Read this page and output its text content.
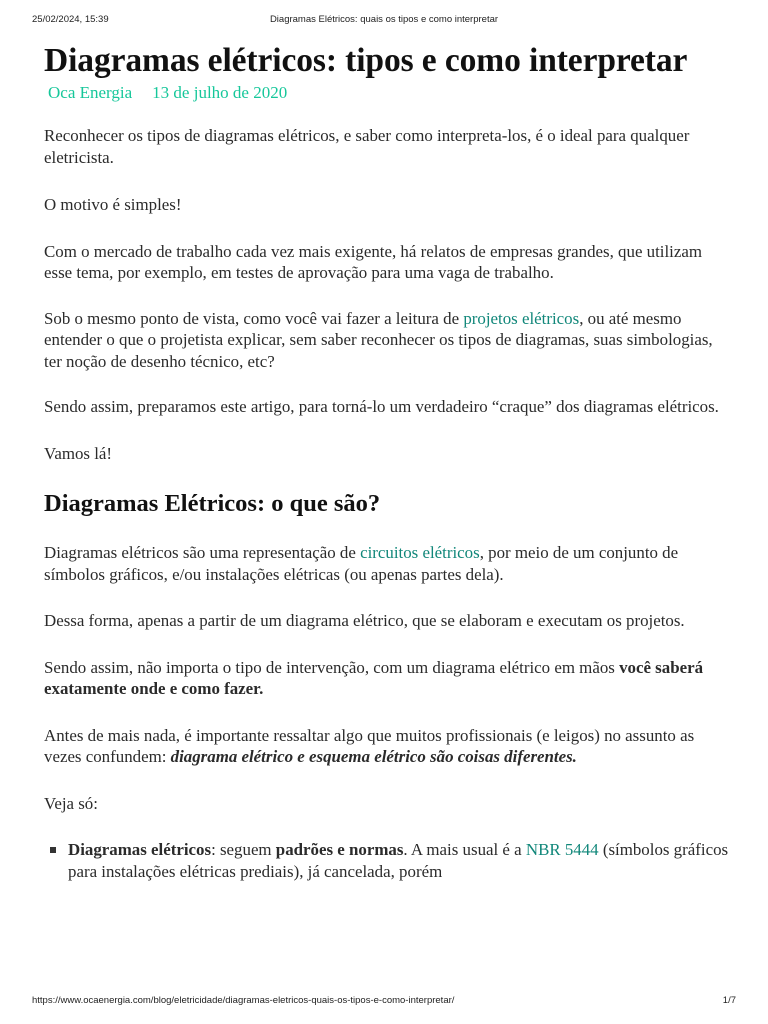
25/02/2024, 15:39	Diagramas Elétricos: quais os tipos e como interpretar
Diagramas elétricos: tipos e como interpretar
Oca Energia 13 de julho de 2020

Reconhecer os tipos de diagramas elétricos, e saber como interpreta-los, é o ideal para qualquer eletricista.

O motivo é simples!

Com o mercado de trabalho cada vez mais exigente, há relatos de empresas grandes, que utilizam esse tema, por exemplo, em testes de aprovação para uma vaga de trabalho.

Sob o mesmo ponto de vista, como você vai fazer a leitura de projetos elétricos, ou até mesmo entender o que o projetista explicar, sem saber reconhecer os tipos de diagramas, suas simbologias, ter noção de desenho técnico, etc?

Sendo assim, preparamos este artigo, para torná-lo um verdadeiro “craque” dos diagramas elétricos.

Vamos lá!

Diagramas Elétricos: o que são?

Diagramas elétricos são uma representação de circuitos elétricos, por meio de um conjunto de símbolos gráficos, e/ou instalações elétricas (ou apenas partes dela).

Dessa forma, apenas a partir de um diagrama elétrico, que se elaboram e executam os projetos.

Sendo assim, não importa o tipo de intervenção, com um diagrama elétrico em mãos você saberá exatamente onde e como fazer.

Antes de mais nada, é importante ressaltar algo que muitos profissionais (e leigos) no assunto as vezes confundem: diagrama elétrico e esquema elétrico são coisas diferentes.

Veja só:

Diagramas elétricos: seguem padrões e normas. A mais usual é a NBR 5444 (símbolos gráficos para instalações elétricas prediais), já cancelada, porém
https://www.ocaenergia.com/blog/eletricidade/diagramas-eletricos-quais-os-tipos-e-como-interpretar/	1/7
